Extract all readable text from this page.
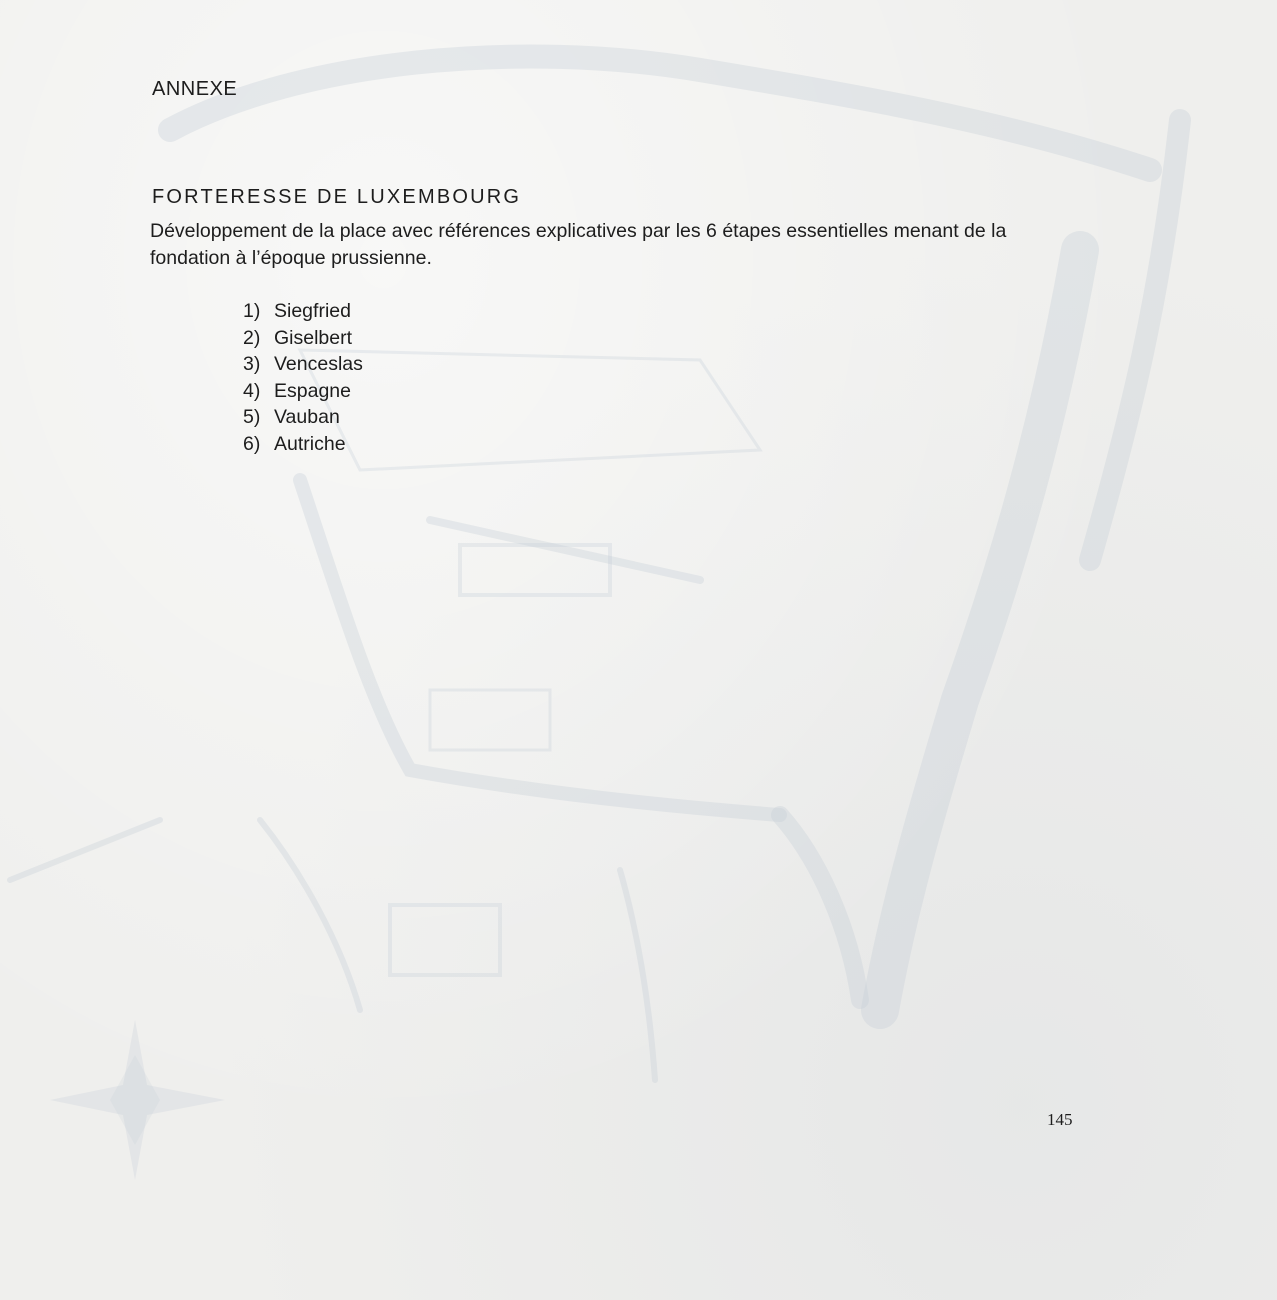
ANNEXE
FORTERESSE DE LUXEMBOURG

Développement de la place avec références explicatives par les 6 étapes essentielles menant de la fondation à l’époque prussienne.

1) Siegfried
2) Giselbert
3) Venceslas
4) Espagne
5) Vauban
6) Autriche

145
